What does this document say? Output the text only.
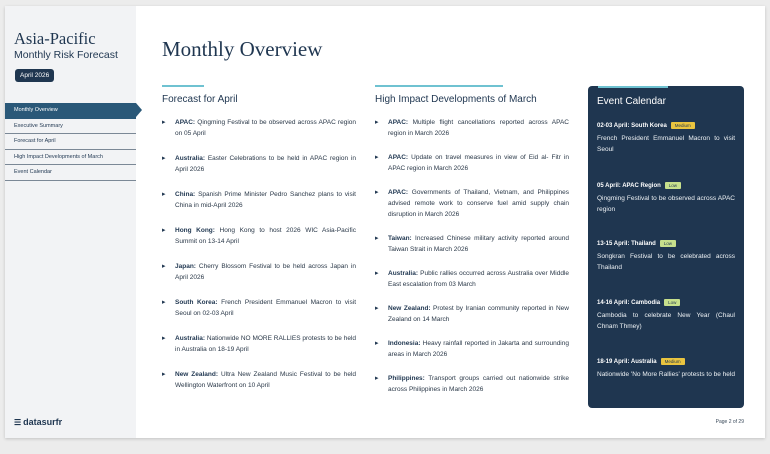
Asia-Pacific
Monthly Risk Forecast
April 2026
Monthly Overview
Executive Summary
Forecast for April
High Impact Developments of March
Event Calendar
☰ datasurfr
Monthly Overview
Forecast for April
▸ APAC: Qingming Festival to be observed across APAC region on 05 April
▸ Australia: Easter Celebrations to be held in APAC region in April 2026
▸ China: Spanish Prime Minister Pedro Sanchez plans to visit China in mid-April 2026
▸ Hong Kong: Hong Kong to host 2026 WIC Asia-Pacific Summit on 13-14 April
▸ Japan: Cherry Blossom Festival to be held across Japan in April 2026
▸ South Korea: French President Emmanuel Macron to visit Seoul on 02-03 April
▸ Australia: Nationwide NO MORE RALLIES protests to be held in Australia on 18-19 April
▸ New Zealand: Ultra New Zealand Music Festival to be held Wellington Waterfront on 10 April
High Impact Developments of March
▸ APAC: Multiple flight cancellations reported across APAC region in March 2026
▸ APAC: Update on travel measures in view of Eid al- Fitr in APAC region in March 2026
▸ APAC: Governments of Thailand, Vietnam, and Philippines advised remote work to conserve fuel amid supply chain disruption in March 2026
▸ Taiwan: Increased Chinese military activity reported around Taiwan Strait in March 2026
▸ Australia: Public rallies occurred across Australia over Middle East escalation from 03 March
▸ New Zealand: Protest by Iranian community reported in New Zealand on 14 March
▸ Indonesia: Heavy rainfall reported in Jakarta and surrounding areas in March 2026
▸ Philippines: Transport groups carried out nationwide strike across Philippines in March 2026
Event Calendar
02-03 April: South Korea	Medium
French President Emmanuel Macron to visit Seoul
05 April: APAC Region	Low
Qingming Festival to be observed across APAC region
13-15 April: Thailand	Low
Songkran Festival to be celebrated across Thailand
14-16 April: Cambodia	Low
Cambodia to celebrate New Year (Chaul Chnam Thmey)
18-19 April: Australia	Medium
Nationwide 'No More Rallies' protests to be held
Page 2 of 29
